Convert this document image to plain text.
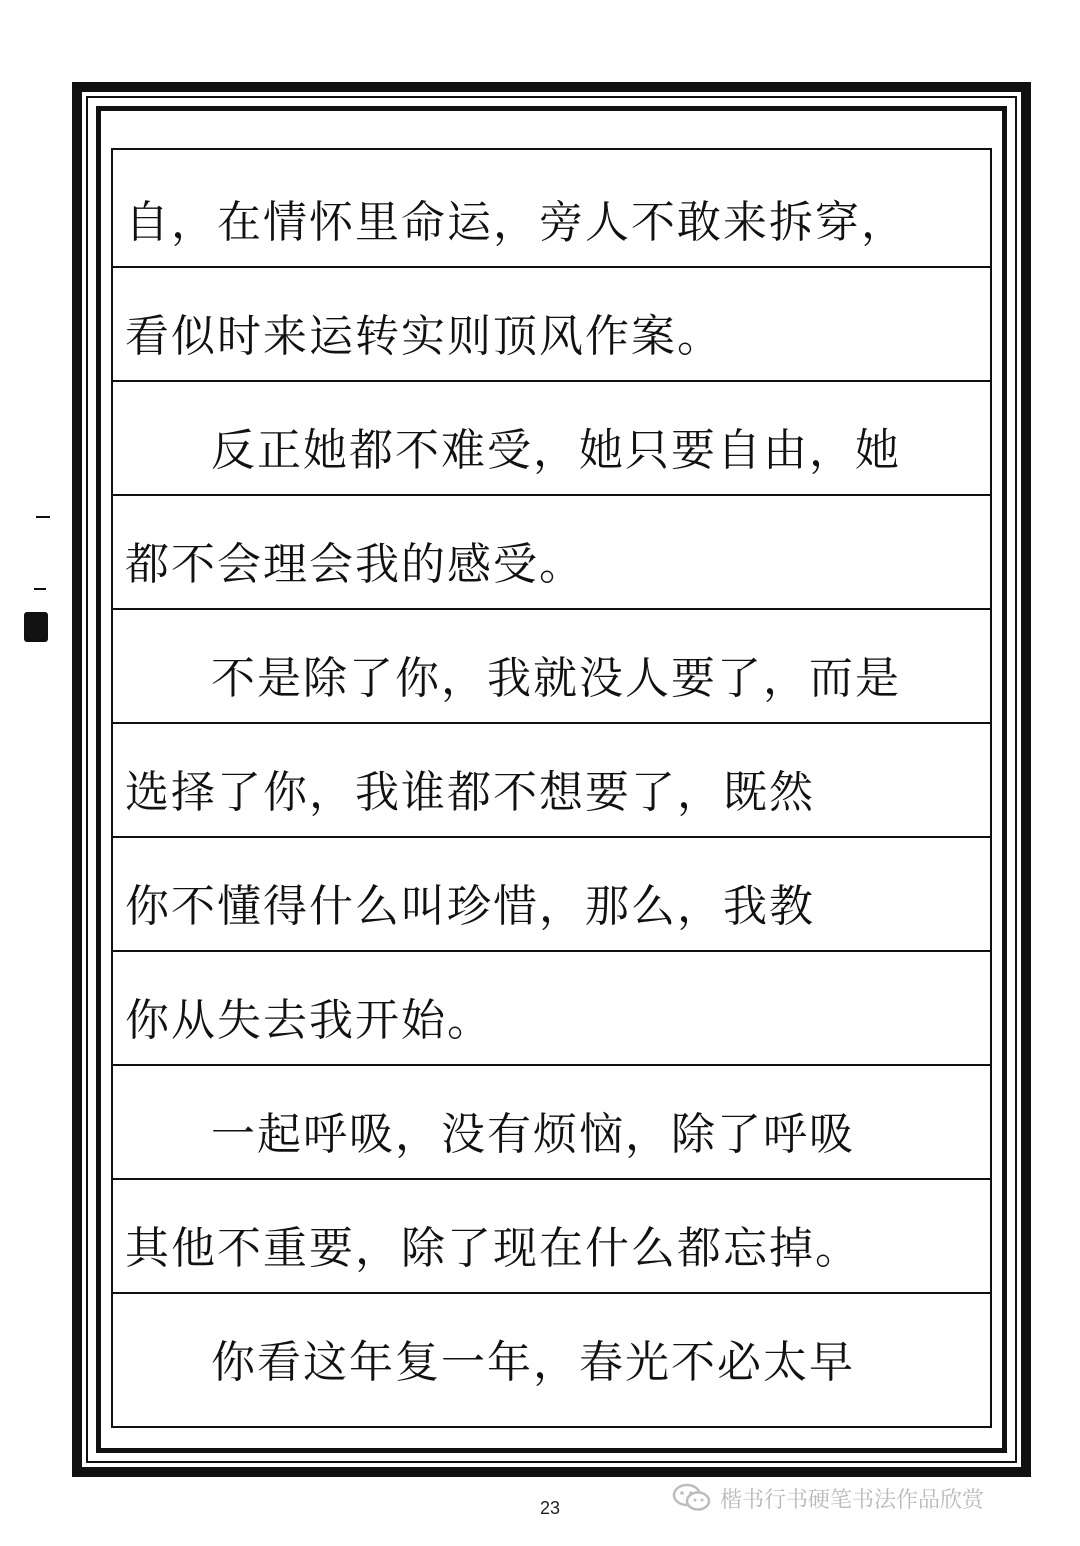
自，在情怀里命运，旁人不敢来拆穿，
看似时来运转实则顶风作案。
反正她都不难受，她只要自由，她
都不会理会我的感受。
不是除了你，我就没人要了，而是
选择了你，我谁都不想要了，既然
你不懂得什么叫珍惜，那么，我教
你从失去我开始。
一起呼吸，没有烦恼，除了呼吸
其他不重要，除了现在什么都忘掉。
你看这年复一年，春光不必太早
23	楷书行书硬笔书法作品欣赏
